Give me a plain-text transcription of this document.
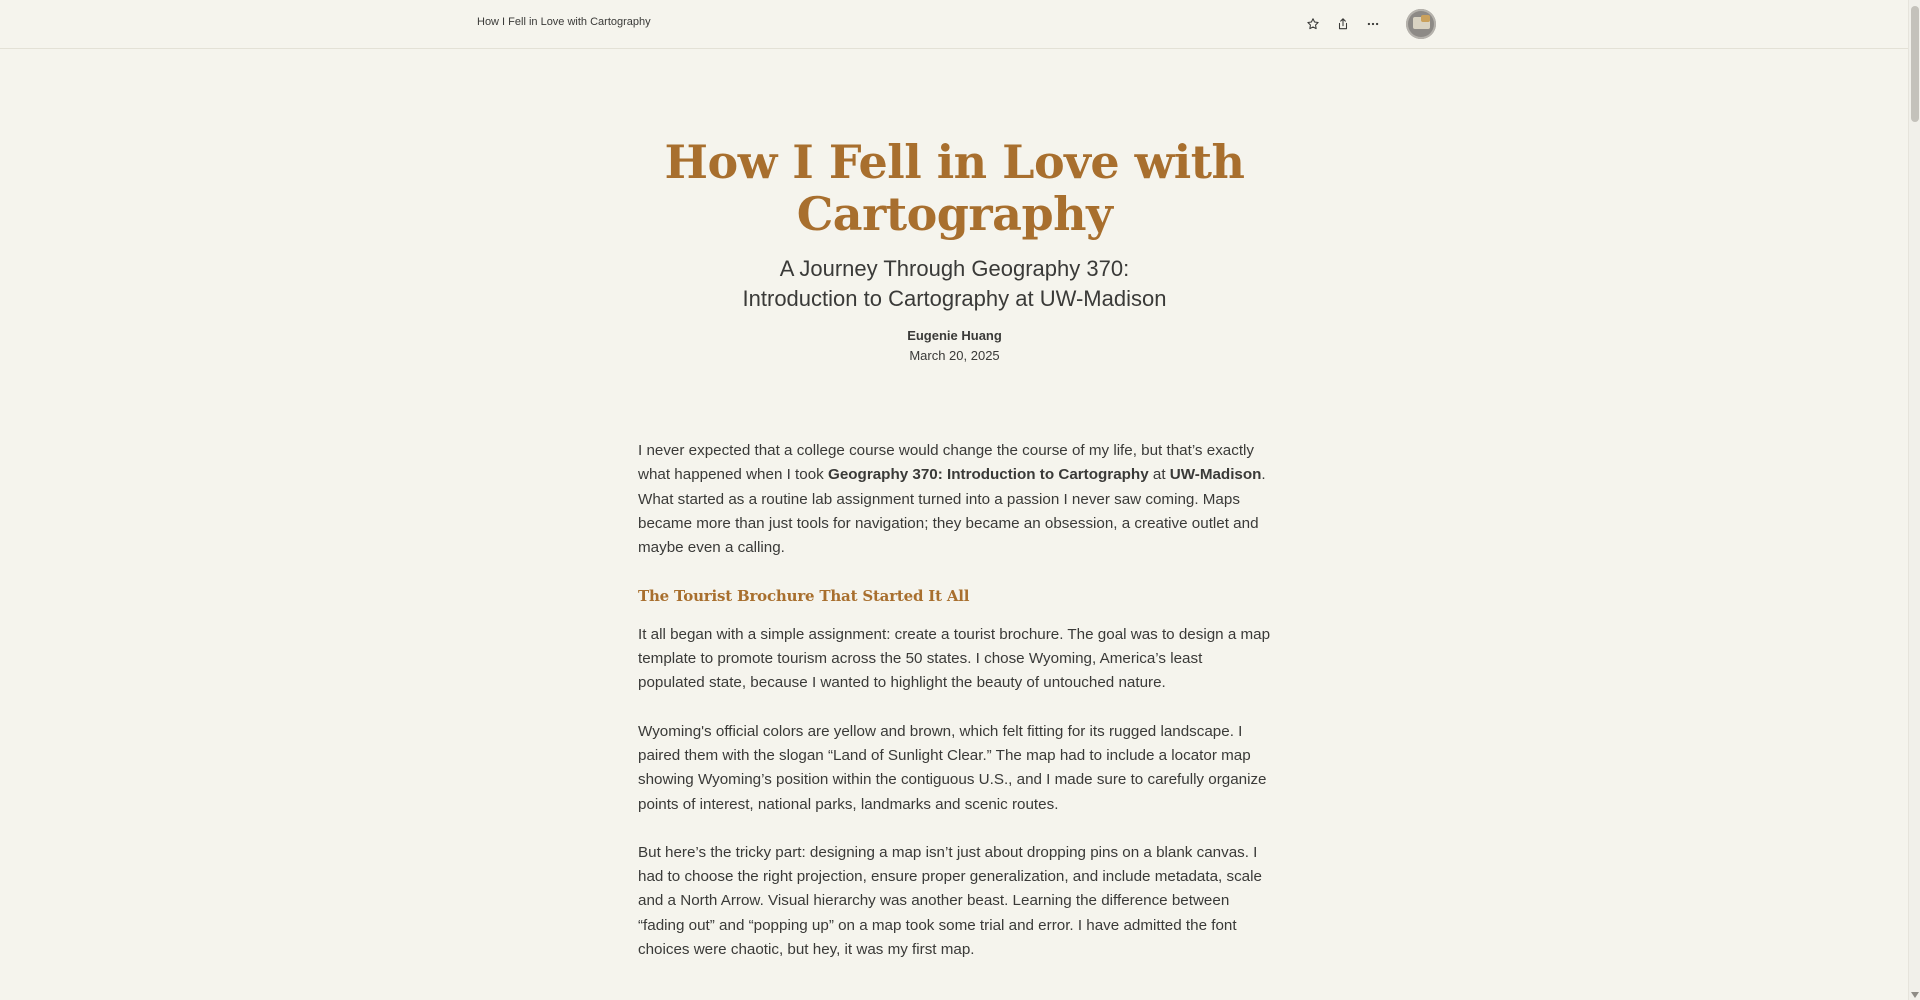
How I Fell in Love with Cartography
How I Fell in Love with Cartography
A Journey Through Geography 370:
Introduction to Cartography at UW-Madison
Eugenie Huang
March 20, 2025

I never expected that a college course would change the course of my life, but that’s exactly what happened when I took Geography 370: Introduction to Cartography at UW-Madison. What started as a routine lab assignment turned into a passion I never saw coming. Maps became more than just tools for navigation; they became an obsession, a creative outlet and maybe even a calling.

The Tourist Brochure That Started It All

It all began with a simple assignment: create a tourist brochure. The goal was to design a map template to promote tourism across the 50 states. I chose Wyoming, America’s least populated state, because I wanted to highlight the beauty of untouched nature.

Wyoming's official colors are yellow and brown, which felt fitting for its rugged landscape. I paired them with the slogan “Land of Sunlight Clear.” The map had to include a locator map showing Wyoming’s position within the contiguous U.S., and I made sure to carefully organize points of interest, national parks, landmarks and scenic routes.

But here’s the tricky part: designing a map isn’t just about dropping pins on a blank canvas. I had to choose the right projection, ensure proper generalization, and include metadata, scale and a North Arrow. Visual hierarchy was another beast. Learning the difference between “fading out” and “popping up” on a map took some trial and error. I have admitted the font choices were chaotic, but hey, it was my first map.
